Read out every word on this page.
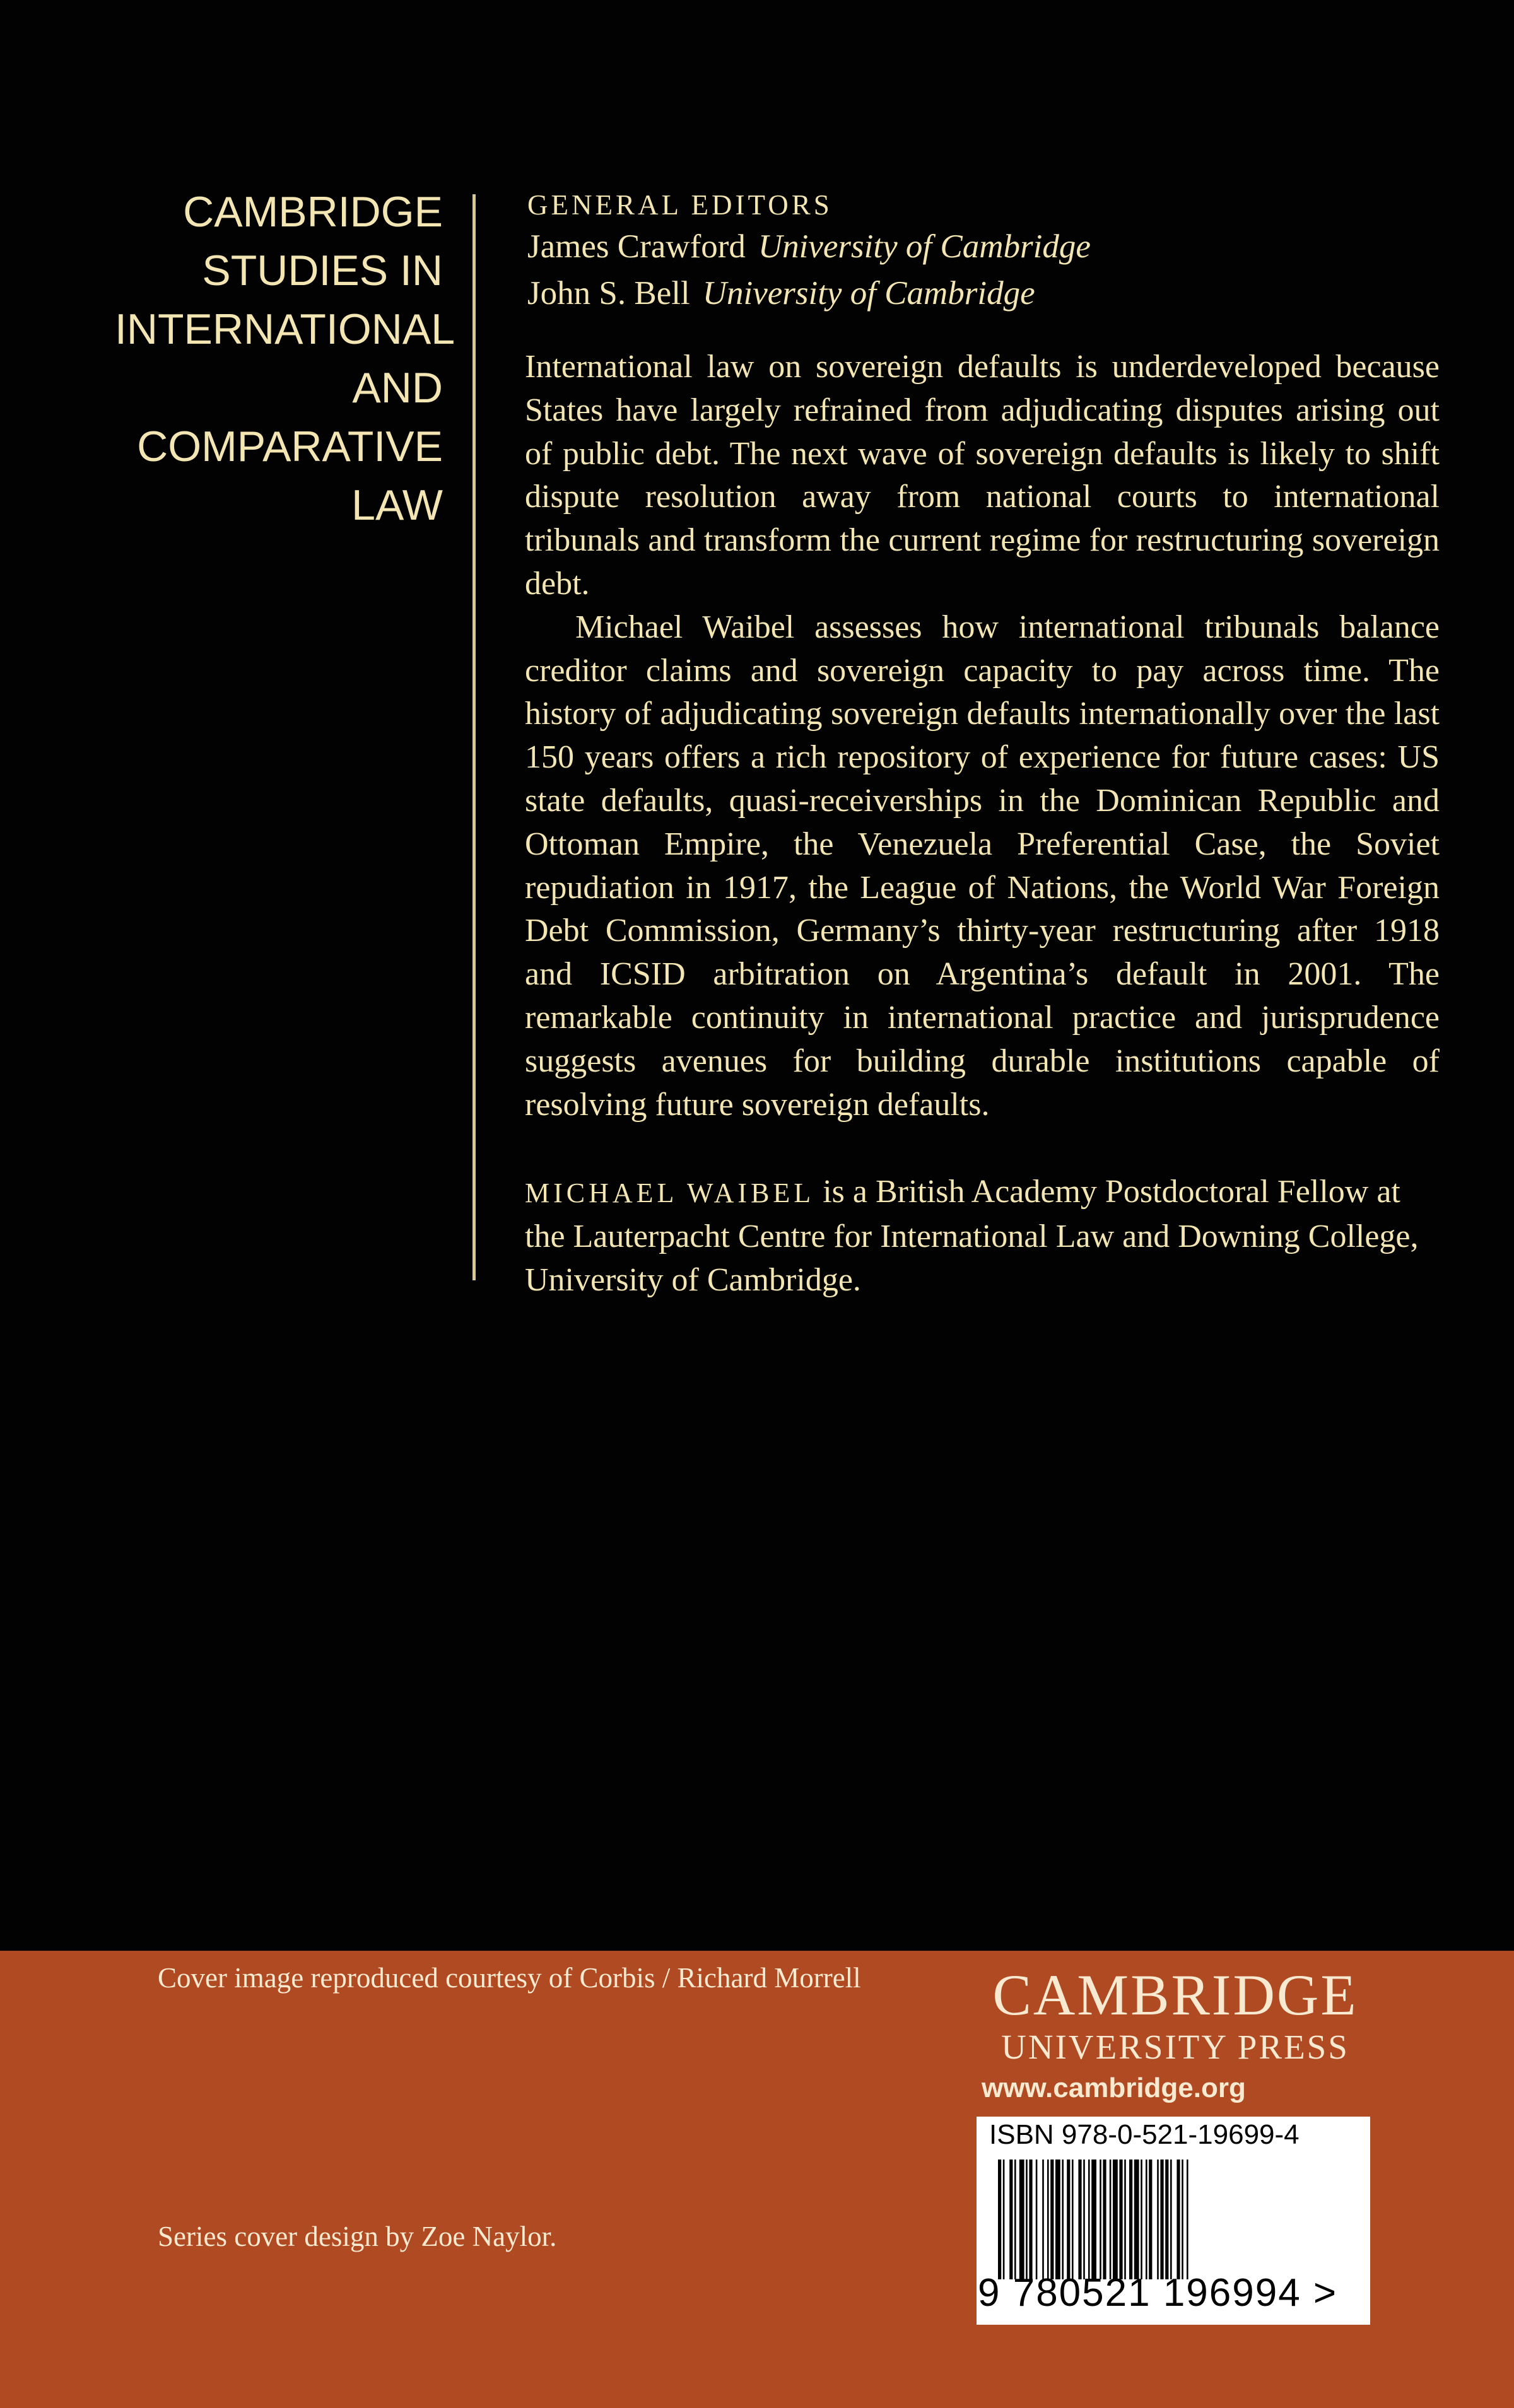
CAMBRIDGE
STUDIES IN
INTERNATIONAL
AND
COMPARATIVE
LAW
GENERAL EDITORS
James Crawford University of Cambridge
John S. Bell University of Cambridge

International law on sovereign defaults is underdeveloped because States have largely refrained from adjudicating disputes arising out of public debt. The next wave of sovereign defaults is likely to shift dispute resolution away from national courts to international tribunals and transform the current regime for restructuring sovereign debt.

Michael Waibel assesses how international tribunals balance creditor claims and sovereign capacity to pay across time. The history of adjudicating sovereign defaults internationally over the last 150 years offers a rich repository of experience for future cases: US state defaults, quasi-receiverships in the Dominican Republic and Ottoman Empire, the Venezuela Preferential Case, the Soviet repudiation in 1917, the League of Nations, the World War Foreign Debt Commission, Germany’s thirty-year restructuring after 1918 and ICSID arbitration on Argentina’s default in 2001. The remarkable continuity in international practice and jurisprudence suggests avenues for building durable institutions capable of resolving future sovereign defaults.

MICHAEL WAIBEL is a British Academy Postdoctoral Fellow at the Lauterpacht Centre for International Law and Downing College, University of Cambridge.
Cover image reproduced courtesy of Corbis / Richard Morrell
Series cover design by Zoe Naylor.
CAMBRIDGE
UNIVERSITY PRESS
www.cambridge.org
ISBN 978-0-521-19699-4
9 780521 196994 >
